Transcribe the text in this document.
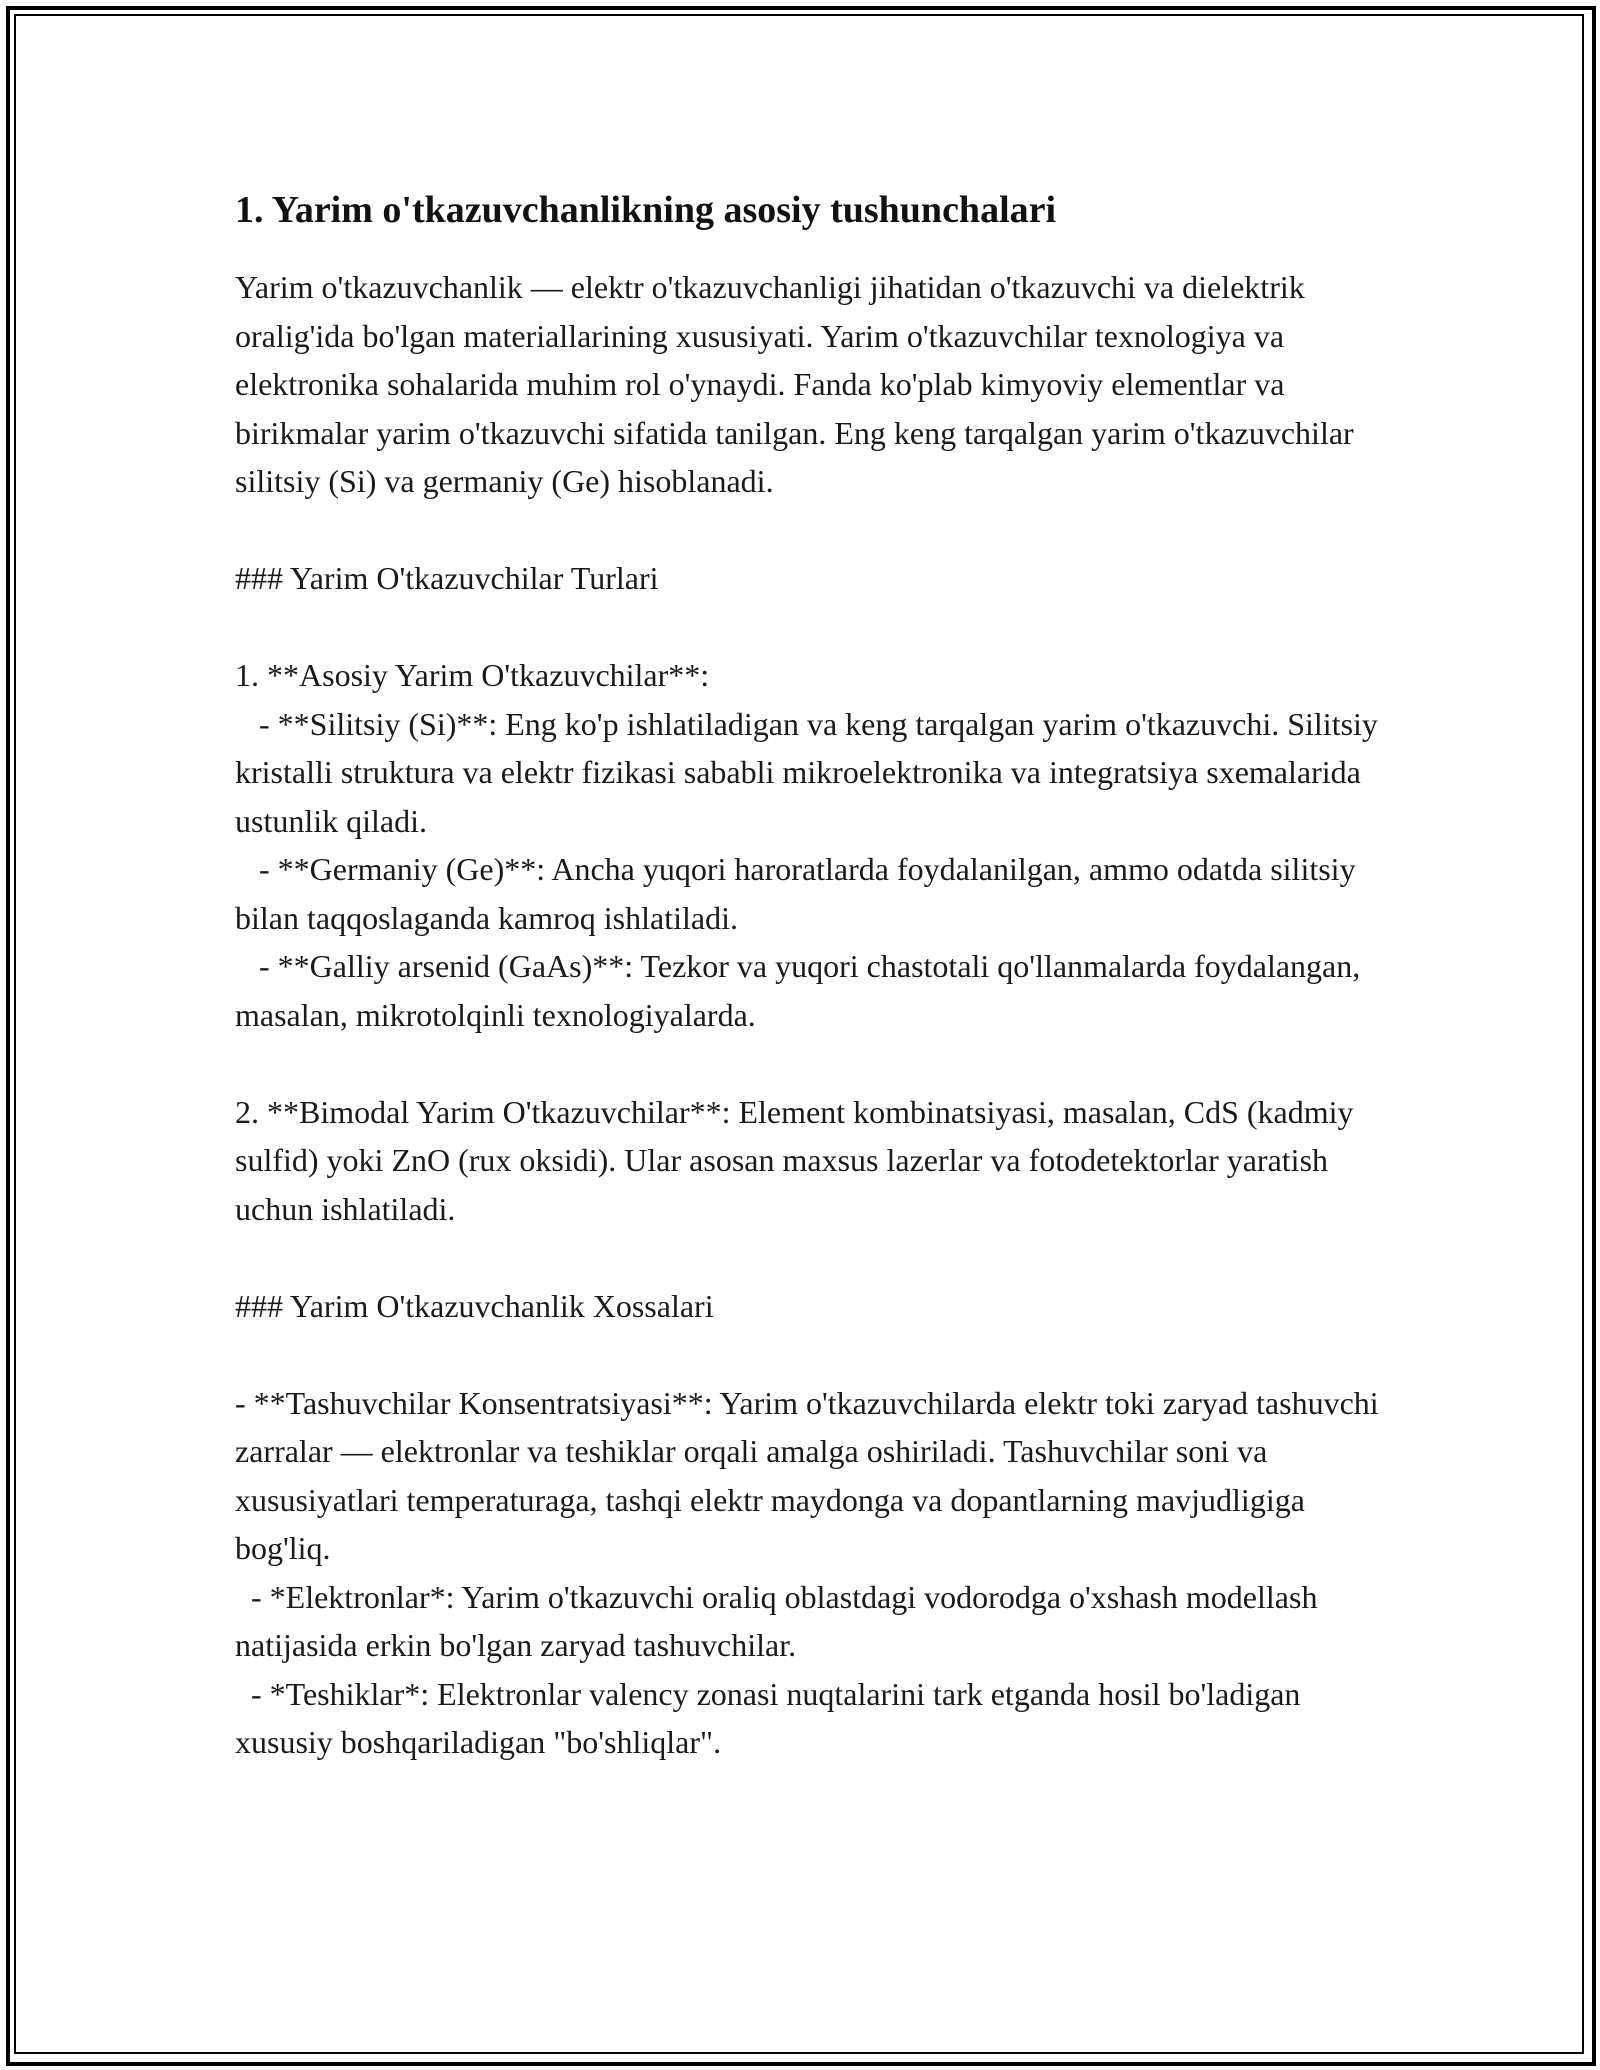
1. Yarim o'tkazuvchanlikning asosiy tushunchalari

Yarim o'tkazuvchanlik — elektr o'tkazuvchanligi jihatidan o'tkazuvchi va dielektrik oralig'ida bo'lgan materiallarining xususiyati. Yarim o'tkazuvchilar texnologiya va elektronika sohalarida muhim rol o'ynaydi. Fanda ko'plab kimyoviy elementlar va birikmalar yarim o'tkazuvchi sifatida tanilgan. Eng keng tarqalgan yarim o'tkazuvchilar silitsiy (Si) va germaniy (Ge) hisoblanadi.

### Yarim O'tkazuvchilar Turlari

1. **Asosiy Yarim O'tkazuvchilar**:

- **Silitsiy (Si)**: Eng ko'p ishlatiladigan va keng tarqalgan yarim o'tkazuvchi. Silitsiy kristalli struktura va elektr fizikasi sababli mikroelektronika va integratsiya sxemalarida ustunlik qiladi.

- **Germaniy (Ge)**: Ancha yuqori haroratlarda foydalanilgan, ammo odatda silitsiy bilan taqqoslaganda kamroq ishlatiladi.

- **Galliy arsenid (GaAs)**: Tezkor va yuqori chastotali qo'llanmalarda foydalangan, masalan, mikrotolqinli texnologiyalarda.

2. **Bimodal Yarim O'tkazuvchilar**: Element kombinatsiyasi, masalan, CdS (kadmiy sulfid) yoki ZnO (rux oksidi). Ular asosan maxsus lazerlar va fotodetektorlar yaratish uchun ishlatiladi.

### Yarim O'tkazuvchanlik Xossalari

- **Tashuvchilar Konsentratsiyasi**: Yarim o'tkazuvchilarda elektr toki zaryad tashuvchi zarralar — elektronlar va teshiklar orqali amalga oshiriladi. Tashuvchilar soni va xususiyatlari temperaturaga, tashqi elektr maydonga va dopantlarning mavjudligiga bog'liq.

- *Elektronlar*: Yarim o'tkazuvchi oraliq oblastdagi vodorodga o'xshash modellash natijasida erkin bo'lgan zaryad tashuvchilar.

- *Teshiklar*: Elektronlar valency zonasi nuqtalarini tark etganda hosil bo'ladigan xususiy boshqariladigan "bo'shliqlar".
